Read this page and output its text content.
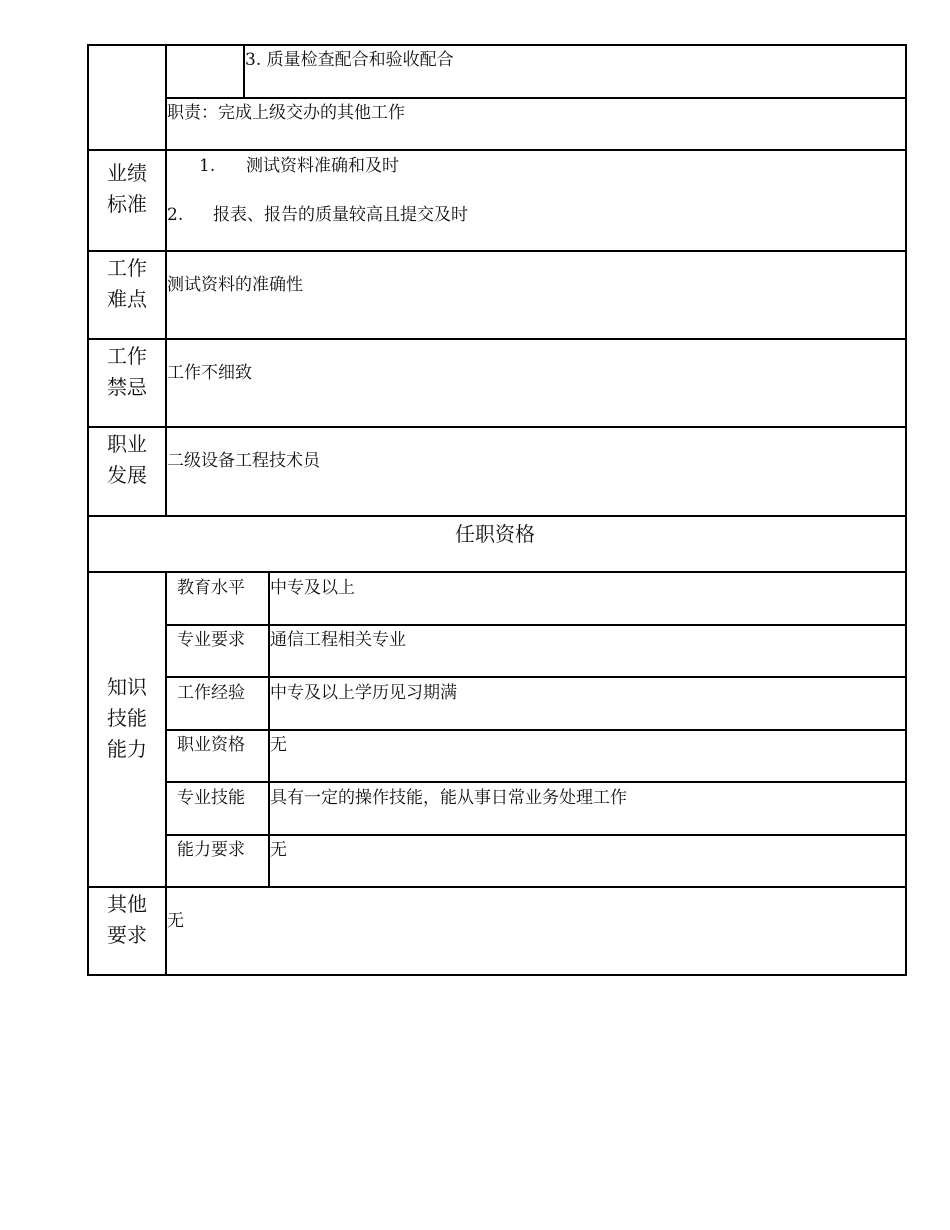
3. 质量检查配合和验收配合
职责：完成上级交办的其他工作
业绩
标准
1. 测试资料准确和及时
2. 报表、报告的质量较高且提交及时
工作
难点
测试资料的准确性
工作
禁忌
工作不细致
职业
发展
二级设备工程技术员
任职资格
知识
技能
能力
教育水平 中专及以上
专业要求 通信工程相关专业
工作经验 中专及以上学历见习期满
职业资格 无
专业技能 具有一定的操作技能，能从事日常业务处理工作
能力要求 无
其他
要求
无
